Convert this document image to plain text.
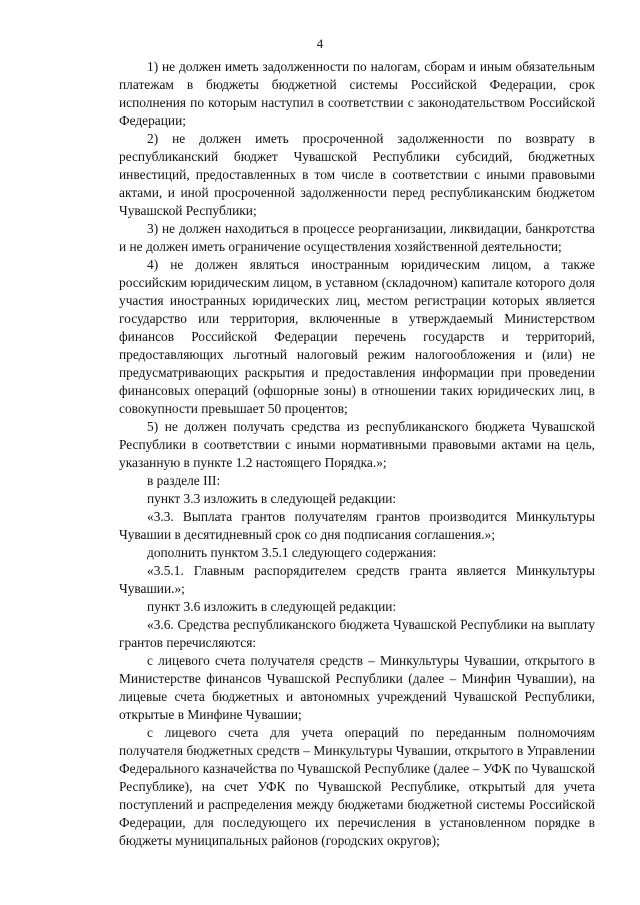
4

1) не должен иметь задолженности по налогам, сборам и иным обязательным платежам в бюджеты бюджетной системы Российской Федерации, срок исполнения по которым наступил в соответствии с законодательством Российской Федерации;

2) не должен иметь просроченной задолженности по возврату в республиканский бюджет Чувашской Республики субсидий, бюджетных инвестиций, предоставленных в том числе в соответствии с иными правовыми актами, и иной просроченной задолженности перед республиканским бюджетом Чувашской Республики;

3) не должен находиться в процессе реорганизации, ликвидации, банкротства и не должен иметь ограничение осуществления хозяйственной деятельности;

4) не должен являться иностранным юридическим лицом, а также российским юридическим лицом, в уставном (складочном) капитале которого доля участия иностранных юридических лиц, местом регистрации которых является государство или территория, включенные в утверждаемый Министерством финансов Российской Федерации перечень государств и территорий, предоставляющих льготный налоговый режим налогообложения и (или) не предусматривающих раскрытия и предоставления информации при проведении финансовых операций (офшорные зоны) в отношении таких юридических лиц, в совокупности превышает 50 процентов;

5) не должен получать средства из республиканского бюджета Чувашской Республики в соответствии с иными нормативными правовыми актами на цель, указанную в пункте 1.2 настоящего Порядка.»;

в разделе III:

пункт 3.3 изложить в следующей редакции:

«3.3. Выплата грантов получателям грантов производится Минкультуры Чувашии в десятидневный срок со дня подписания соглашения.»;

дополнить пунктом 3.5.1 следующего содержания:

«3.5.1. Главным распорядителем средств гранта является Минкультуры Чувашии.»;

пункт 3.6 изложить в следующей редакции:

«3.6. Средства республиканского бюджета Чувашской Республики на выплату грантов перечисляются:

с лицевого счета получателя средств – Минкультуры Чувашии, открытого в Министерстве финансов Чувашской Республики (далее – Минфин Чувашии), на лицевые счета бюджетных и автономных учреждений Чувашской Республики, открытые в Минфине Чувашии;

с лицевого счета для учета операций по переданным полномочиям получателя бюджетных средств – Минкультуры Чувашии, открытого в Управлении Федерального казначейства по Чувашской Республике (далее – УФК по Чувашской Республике), на счет УФК по Чувашской Республике, открытый для учета поступлений и распределения между бюджетами бюджетной системы Российской Федерации, для последующего их перечисления в установленном порядке в бюджеты муниципальных районов (городских округов);
